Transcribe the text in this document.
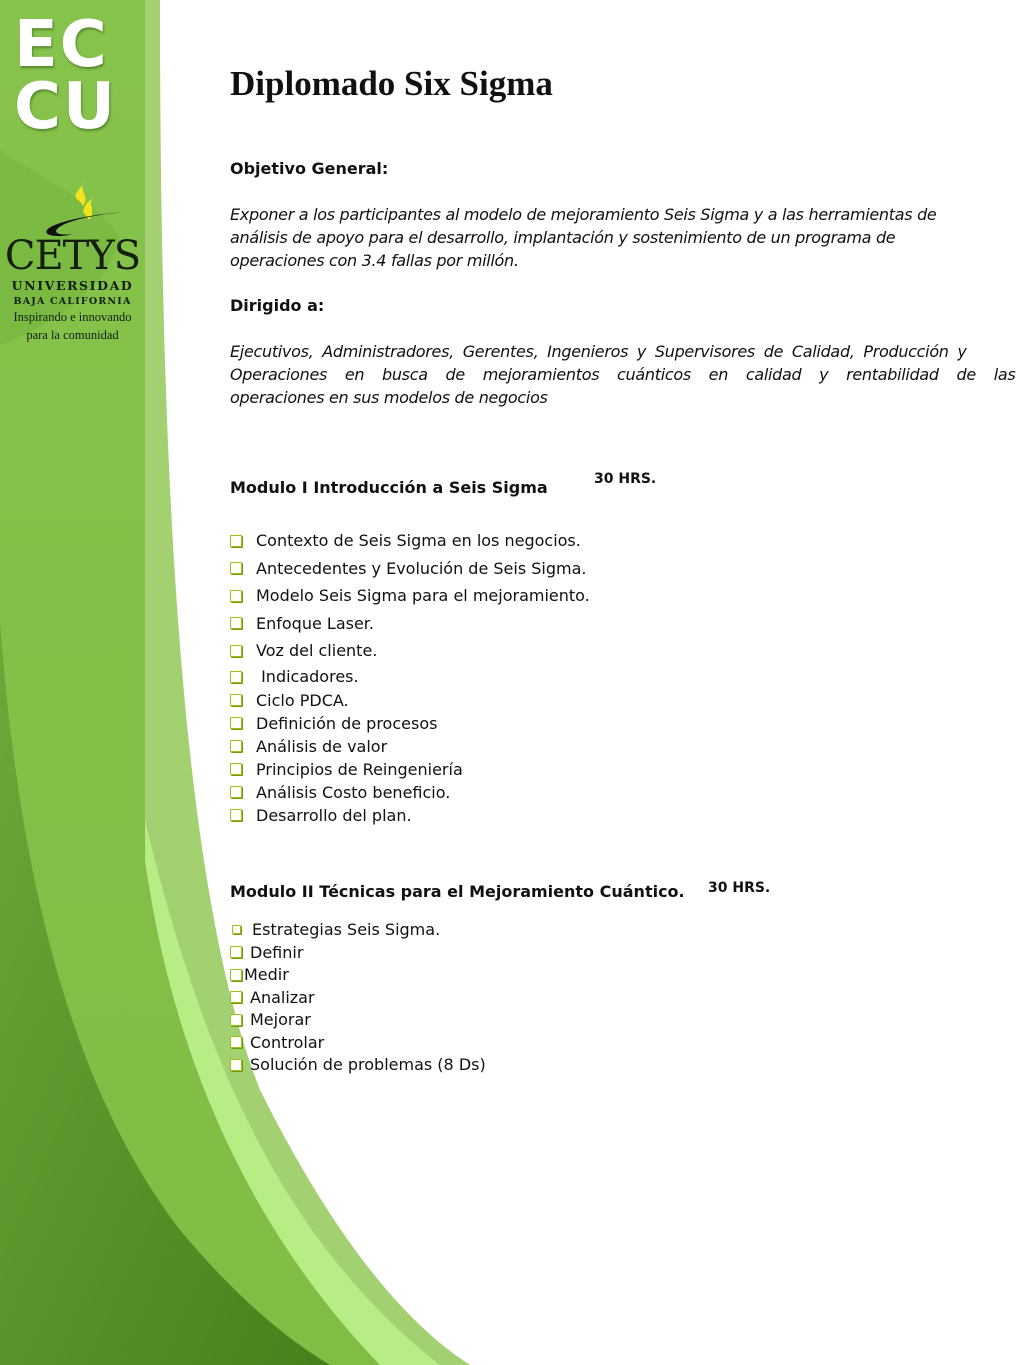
EC
CU
CETYS
UNIVERSIDAD
BAJA CALIFORNIA
Inspirando e innovando
para la comunidad
Diplomado Six Sigma
Objetivo General:
Exponer a los participantes al modelo de mejoramiento Seis Sigma y a las herramientas de
análisis de apoyo para el desarrollo, implantación y sostenimiento de un programa de
operaciones con 3.4 fallas por millón.
Dirigido a:
Ejecutivos, Administradores, Gerentes, Ingenieros y Supervisores de Calidad, Producción y
Operaciones en busca de mejoramientos cuánticos en calidad y rentabilidad de las
operaciones en sus modelos de negocios
Modulo I Introducción a Seis Sigma	30 HRS.
Contexto de Seis Sigma en los negocios.
Antecedentes y Evolución de Seis Sigma.
Modelo Seis Sigma para el mejoramiento.
Enfoque Laser.
Voz del cliente.
Indicadores.
Ciclo PDCA.
Definición de procesos
Análisis de valor
Principios de Reingeniería
Análisis Costo beneficio.
Desarrollo del plan.
Modulo II Técnicas para el Mejoramiento Cuántico. 30 HRS.
Estrategias Seis Sigma.
Definir
Medir
Analizar
Mejorar
Controlar
Solución de problemas (8 Ds)
